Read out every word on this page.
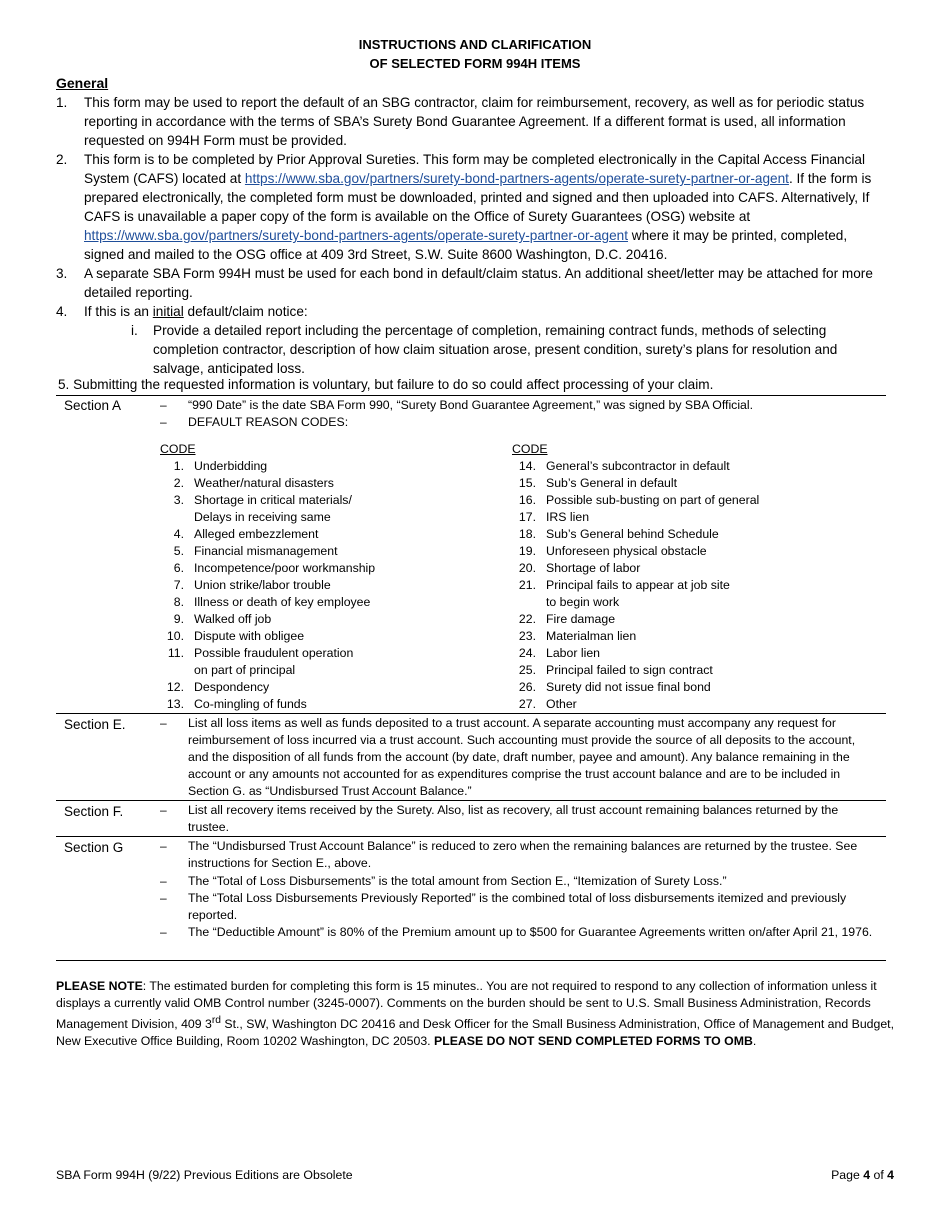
INSTRUCTIONS AND CLARIFICATION
OF SELECTED FORM 994H ITEMS
General
1.	This form may be used to report the default of an SBG contractor, claim for reimbursement, recovery, as well as for periodic status reporting in accordance with the terms of SBA’s Surety Bond Guarantee Agreement. If a different format is used, all information requested on 994H Form must be provided.
2.	This form is to be completed by Prior Approval Sureties. This form may be completed electronically in the Capital Access Financial System (CAFS) located at https://www.sba.gov/partners/surety-bond-partners-agents/operate-surety-partner-or-agent. If the form is prepared electronically, the completed form must be downloaded, printed and signed and then uploaded into CAFS. Alternatively, If CAFS is unavailable a paper copy of the form is available on the Office of Surety Guarantees (OSG) website at https://www.sba.gov/partners/surety-bond-partners-agents/operate-surety-partner-or-agent where it may be printed, completed, signed and mailed to the OSG office at 409 3rd Street, S.W. Suite 8600 Washington, D.C. 20416.
3.	A separate SBA Form 994H must be used for each bond in default/claim status. An additional sheet/letter may be attached for more detailed reporting.
4.	If this is an initial default/claim notice:
i.	Provide a detailed report including the percentage of completion, remaining contract funds, methods of selecting completion contractor, description of how claim situation arose, present condition, surety’s plans for resolution and salvage, anticipated loss.
5. Submitting the requested information is voluntary, but failure to do so could affect processing of your claim.
Section A	– “990 Date” is the date SBA Form 990, “Surety Bond Guarantee Agreement,” was signed by SBA Official.
– DEFAULT REASON CODES:
CODE
1. Underbidding
2. Weather/natural disasters
3. Shortage in critical materials/
Delays in receiving same
4. Alleged embezzlement
5. Financial mismanagement
6. Incompetence/poor workmanship
7. Union strike/labor trouble
8. Illness or death of key employee
9. Walked off job
10. Dispute with obligee
11. Possible fraudulent operation
on part of principal
12. Despondency
13. Co-mingling of funds
CODE
14. General’s subcontractor in default
15. Sub’s General in default
16. Possible sub-busting on part of general
17. IRS lien
18. Sub’s General behind Schedule
19. Unforeseen physical obstacle
20. Shortage of labor
21. Principal fails to appear at job site
to begin work
22. Fire damage
23. Materialman lien
24. Labor lien
25. Principal failed to sign contract
26. Surety did not issue final bond
27. Other
Section E.	– List all loss items as well as funds deposited to a trust account. A separate accounting must accompany any request for reimbursement of loss incurred via a trust account. Such accounting must provide the source of all deposits to the account, and the disposition of all funds from the account (by date, draft number, payee and amount). Any balance remaining in the account or any amounts not accounted for as expenditures comprise the trust account balance and are to be included in Section G. as “Undisbursed Trust Account Balance.”
Section F.	– List all recovery items received by the Surety. Also, list as recovery, all trust account remaining balances returned by the trustee.
Section G	– The “Undisbursed Trust Account Balance” is reduced to zero when the remaining balances are returned by the trustee. See instructions for Section E., above.
– The “Total of Loss Disbursements” is the total amount from Section E., “Itemization of Surety Loss.”
– The “Total Loss Disbursements Previously Reported” is the combined total of loss disbursements itemized and previously reported.
– The “Deductible Amount” is 80% of the Premium amount up to $500 for Guarantee Agreements written on/after April 21, 1976.
PLEASE NOTE: The estimated burden for completing this form is 15 minutes.. You are not required to respond to any collection of information unless it displays a currently valid OMB Control number (3245-0007). Comments on the burden should be sent to U.S. Small Business Administration, Records Management Division, 409 3rd St., SW, Washington DC 20416 and Desk Officer for the Small Business Administration, Office of Management and Budget, New Executive Office Building, Room 10202 Washington, DC 20503. PLEASE DO NOT SEND COMPLETED FORMS TO OMB.
SBA Form 994H (9/22) Previous Editions are Obsolete	Page 4 of 4
